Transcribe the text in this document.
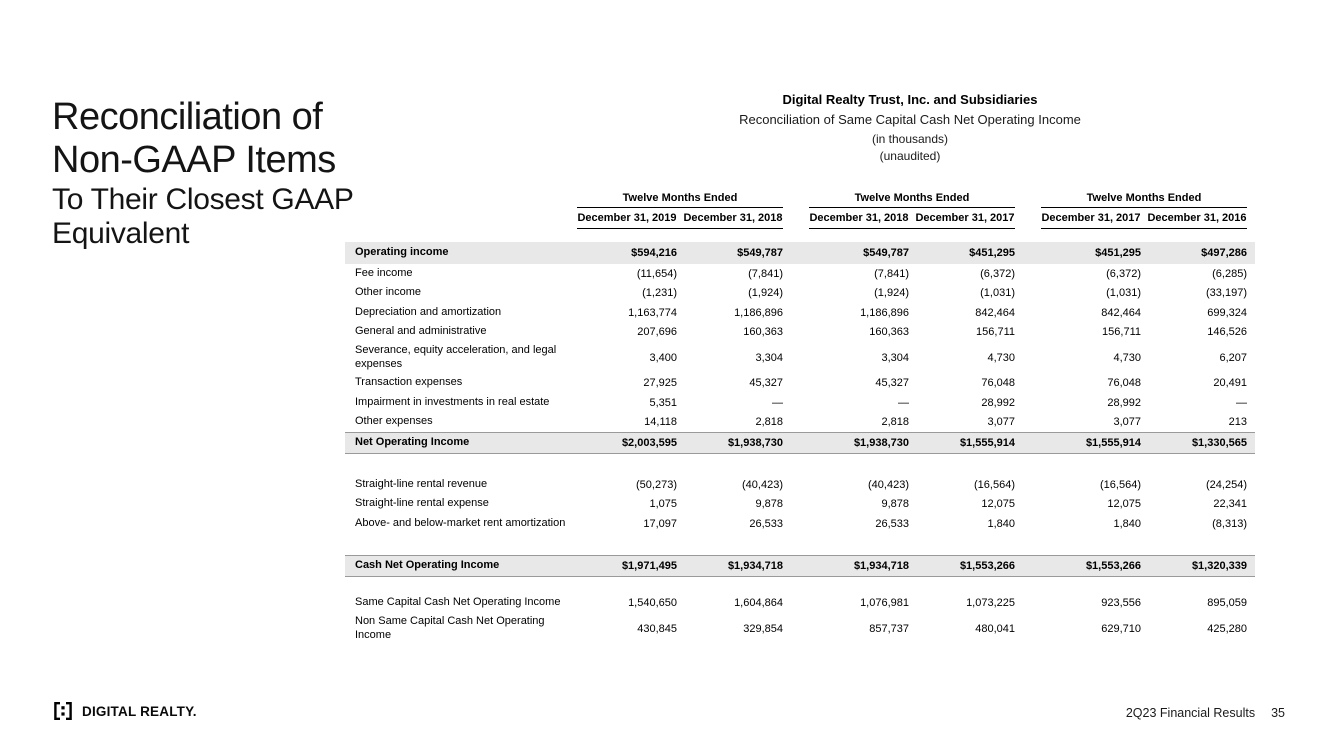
Reconciliation of
Non-GAAP Items
To Their Closest GAAP
Equivalent
Digital Realty Trust, Inc. and Subsidiaries
Reconciliation of Same Capital Cash Net Operating Income
(in thousands)
(unaudited)
Twelve Months Ended
December 31, 2019 December 31, 2018
Twelve Months Ended
December 31, 2018 December 31, 2017
Twelve Months Ended
December 31, 2017 December 31, 2016
Operating income	$594,216	$549,787	$549,787	$451,295	$451,295	$497,286
Fee income	(11,654)	(7,841)	(7,841)	(6,372)	(6,372)	(6,285)
Other income	(1,231)	(1,924)	(1,924)	(1,031)	(1,031)	(33,197)
Depreciation and amortization	1,163,774	1,186,896	1,186,896	842,464	842,464	699,324
General and administrative	207,696	160,363	160,363	156,711	156,711	146,526
Severance, equity acceleration, and legal expenses	3,400	3,304	3,304	4,730	4,730	6,207
Transaction expenses	27,925	45,327	45,327	76,048	76,048	20,491
Impairment in investments in real estate	5,351	—	—	28,992	28,992	—
Other expenses	14,118	2,818	2,818	3,077	3,077	213
Net Operating Income	$2,003,595	$1,938,730	$1,938,730	$1,555,914	$1,555,914	$1,330,565
Straight-line rental revenue	(50,273)	(40,423)	(40,423)	(16,564)	(16,564)	(24,254)
Straight-line rental expense	1,075	9,878	9,878	12,075	12,075	22,341
Above- and below-market rent amortization	17,097	26,533	26,533	1,840	1,840	(8,313)
Cash Net Operating Income	$1,971,495	$1,934,718	$1,934,718	$1,553,266	$1,553,266	$1,320,339
Same Capital Cash Net Operating Income	1,540,650	1,604,864	1,076,981	1,073,225	923,556	895,059
Non Same Capital Cash Net Operating Income	430,845	329,854	857,737	480,041	629,710	425,280
DIGITAL REALTY.	2Q23 Financial Results 35
